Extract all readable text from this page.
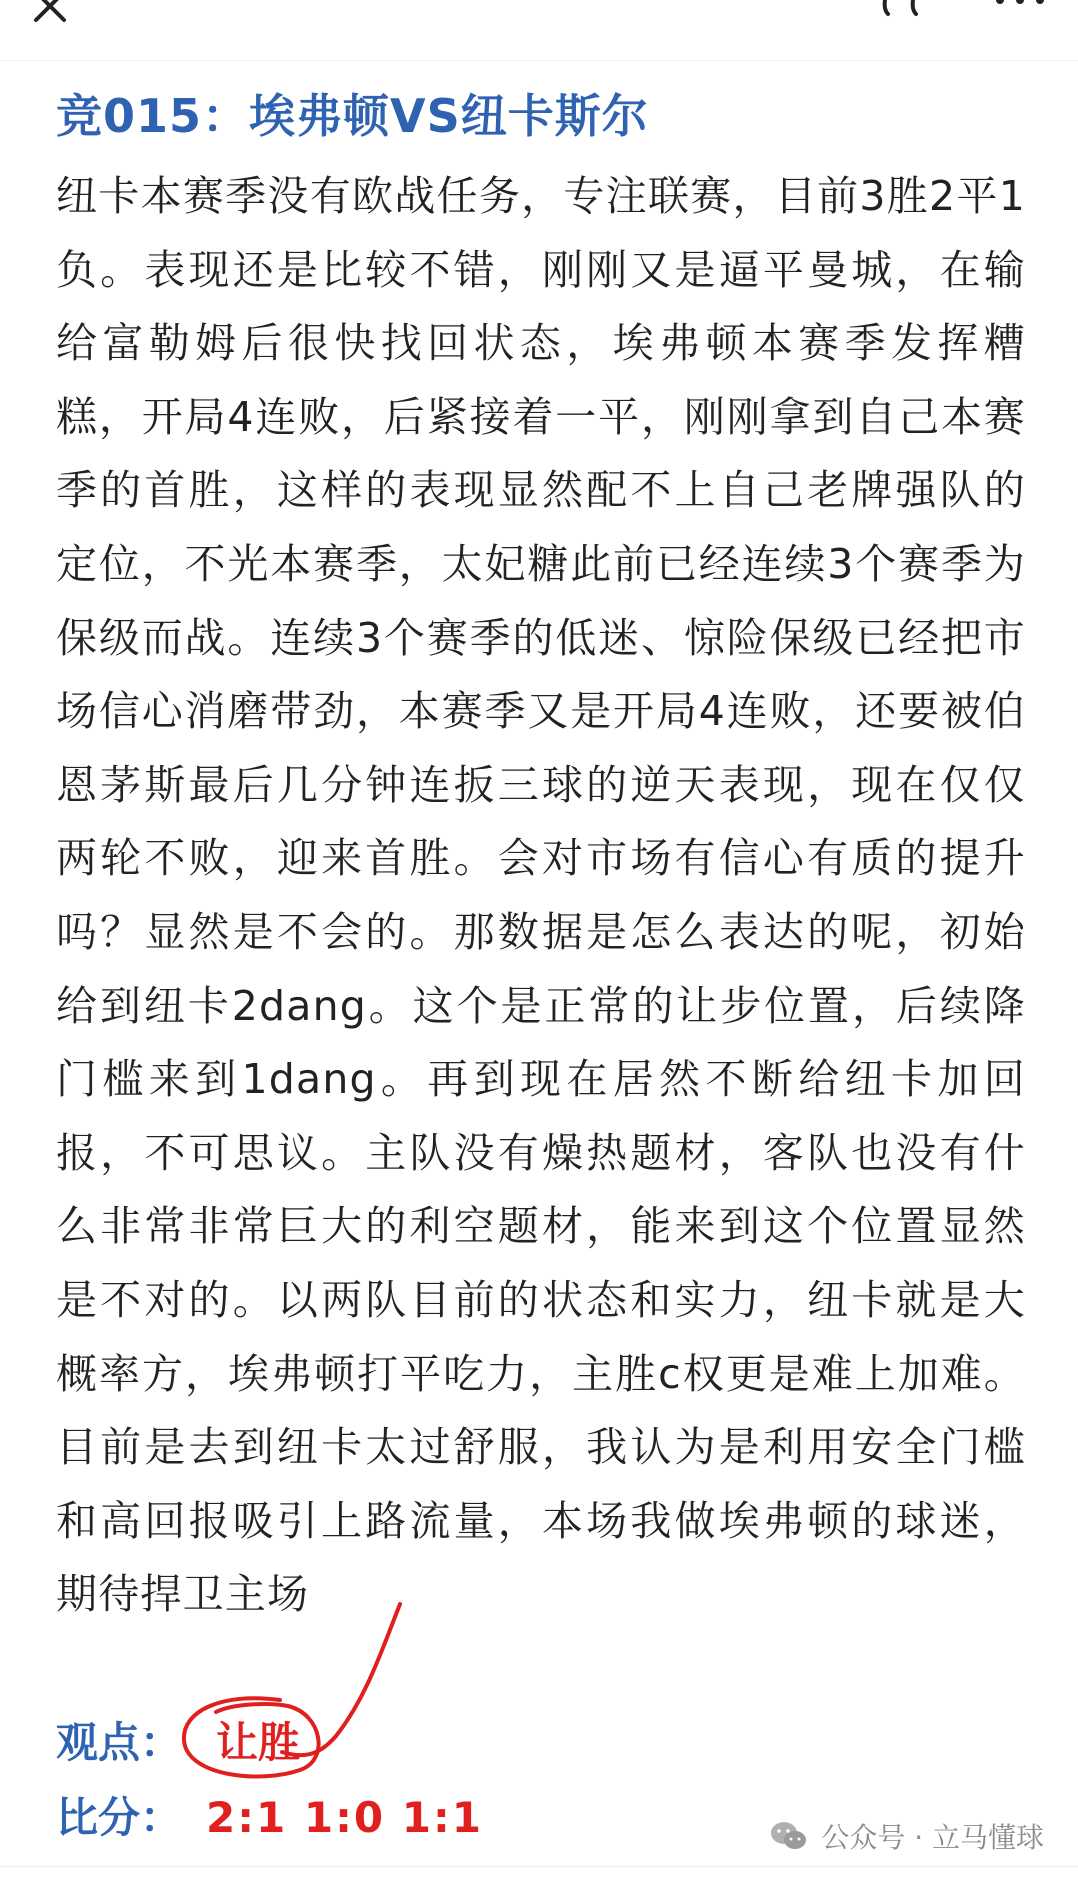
竞015：埃弗顿VS纽卡斯尔
纽卡本赛季没有欧战任务，专注联赛，目前3胜2平1负。表现还是比较不错，刚刚又是逼平曼城，在输给富勒姆后很快找回状态，埃弗顿本赛季发挥糟糕，开局4连败，后紧接着一平，刚刚拿到自己本赛季的首胜，这样的表现显然配不上自己老牌强队的定位，不光本赛季，太妃糖此前已经连续3个赛季为保级而战。连续3个赛季的低迷、惊险保级已经把市场信心消磨带劲，本赛季又是开局4连败，还要被伯恩茅斯最后几分钟连扳三球的逆天表现，现在仅仅两轮不败，迎来首胜。会对市场有信心有质的提升吗？显然是不会的。那数据是怎么表达的呢，初始给到纽卡2dang。这个是正常的让步位置，后续降门槛来到1dang。再到现在居然不断给纽卡加回报，不可思议。主队没有燥热题材，客队也没有什么非常非常巨大的利空题材，能来到这个位置显然是不对的。以两队目前的状态和实力，纽卡就是大概率方，埃弗顿打平吃力，主胜c权更是难上加难。目前是去到纽卡太过舒服，我认为是利用安全门槛和高回报吸引上路流量，本场我做埃弗顿的球迷，期待捍卫主场
观点： 让胜
比分： 2:1 1:0 1:1	公众号 · 立马懂球
